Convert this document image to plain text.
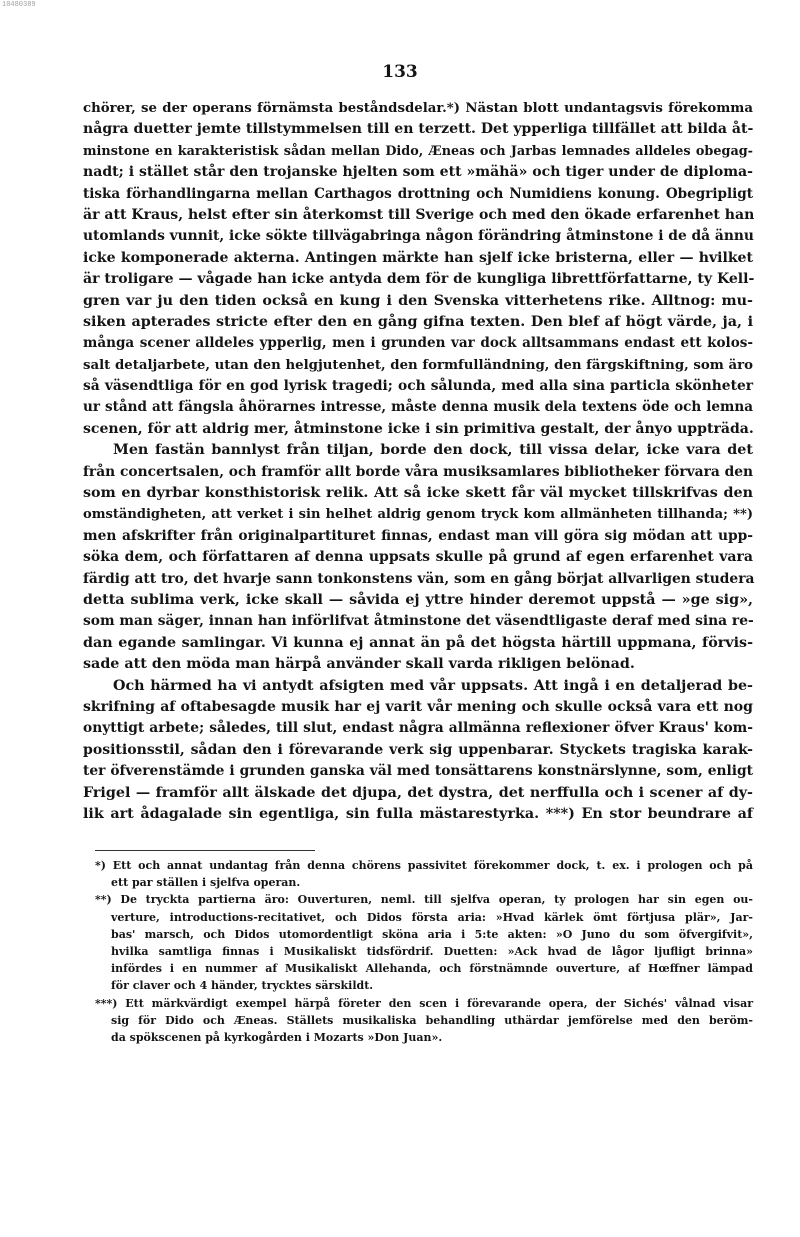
10480389
133
chörer, se der operans förnämsta beståndsdelar.*) Nästan blott undantagsvis förekomma
några duetter jemte tillstymmelsen till en terzett. Det ypperliga tillfället att bilda åt-
minstone en karakteristisk sådan mellan Dido, Æneas och Jarbas lemnades alldeles obegag-
nadt; i stället står den trojanske hjelten som ett »mähä» och tiger under de diploma-
tiska förhandlingarna mellan Carthagos drottning och Numidiens konung. Obegripligt
är att Kraus, helst efter sin återkomst till Sverige och med den ökade erfarenhet han
utomlands vunnit, icke sökte tillvägabringa någon förändring åtminstone i de då ännu
icke komponerade akterna. Antingen märkte han sjelf icke bristerna, eller — hvilket
är troligare — vågade han icke antyda dem för de kungliga librettförfattarne, ty Kell-
gren var ju den tiden också en kung i den Svenska vitterhetens rike. Alltnog: mu-
siken apterades stricte efter den en gång gifna texten. Den blef af högt värde, ja, i
många scener alldeles ypperlig, men i grunden var dock alltsammans endast ett kolos-
salt detaljarbete, utan den helgjutenhet, den formfulländning, den färgskiftning, som äro
så väsendtliga för en god lyrisk tragedi; och sålunda, med alla sina particla skönheter
ur stånd att fängsla åhörarnes intresse, måste denna musik dela textens öde och lemna
scenen, för att aldrig mer, åtminstone icke i sin primitiva gestalt, der ånyo uppträda.
Men fastän bannlyst från tiljan, borde den dock, till vissa delar, icke vara det
från concertsalen, och framför allt borde våra musiksamlares bibliotheker förvara den
som en dyrbar konsthistorisk relik. Att så icke skett får väl mycket tillskrifvas den
omständigheten, att verket i sin helhet aldrig genom tryck kom allmänheten tillhanda; **)
men afskrifter från originalpartituret finnas, endast man vill göra sig mödan att upp-
söka dem, och författaren af denna uppsats skulle på grund af egen erfarenhet vara
färdig att tro, det hvarje sann tonkonstens vän, som en gång börjat allvarligen studera
detta sublima verk, icke skall — såvida ej yttre hinder deremot uppstå — »ge sig»,
som man säger, innan han införlifvat åtminstone det väsendtligaste deraf med sina re-
dan egande samlingar. Vi kunna ej annat än på det högsta härtill uppmana, förvis-
sade att den möda man härpå använder skall varda rikligen belönad.
Och härmed ha vi antydt afsigten med vår uppsats. Att ingå i en detaljerad be-
skrifning af oftabesagde musik har ej varit vår mening och skulle också vara ett nog
onyttigt arbete; således, till slut, endast några allmänna reflexioner öfver Kraus' kom-
positionsstil, sådan den i förevarande verk sig uppenbarar. Styckets tragiska karak-
ter öfverenstämde i grunden ganska väl med tonsättarens konstnärslynne, som, enligt
Frigel — framför allt älskade det djupa, det dystra, det nerffulla och i scener af dy-
lik art ådagalade sin egentliga, sin fulla mästarestyrka. ***) En stor beundrare af
*) Ett och annat undantag från denna chörens passivitet förekommer dock, t. ex. i prologen och på
ett par ställen i sjelfva operan.
**) De tryckta partierna äro: Ouverturen, neml. till sjelfva operan, ty prologen har sin egen ou-
verture, introductions-recitativet, och Didos första aria: »Hvad kärlek ömt förtjusa plär», Jar-
bas' marsch, och Didos utomordentligt sköna aria i 5:te akten: »O Juno du som öfvergifvit»,
hvilka samtliga finnas i Musikaliskt tidsfördrif. Duetten: »Ack hvad de lågor ljufligt brinna»
infördes i en nummer af Musikaliskt Allehanda, och förstnämnde ouverture, af Hœffner lämpad
för claver och 4 händer, trycktes särskildt.
***) Ett märkvärdigt exempel härpå företer den scen i förevarande opera, der Sichés' vålnad visar
sig för Dido och Æneas. Ställets musikaliska behandling uthärdar jemförelse med den beröm-
da spökscenen på kyrkogården i Mozarts »Don Juan».
